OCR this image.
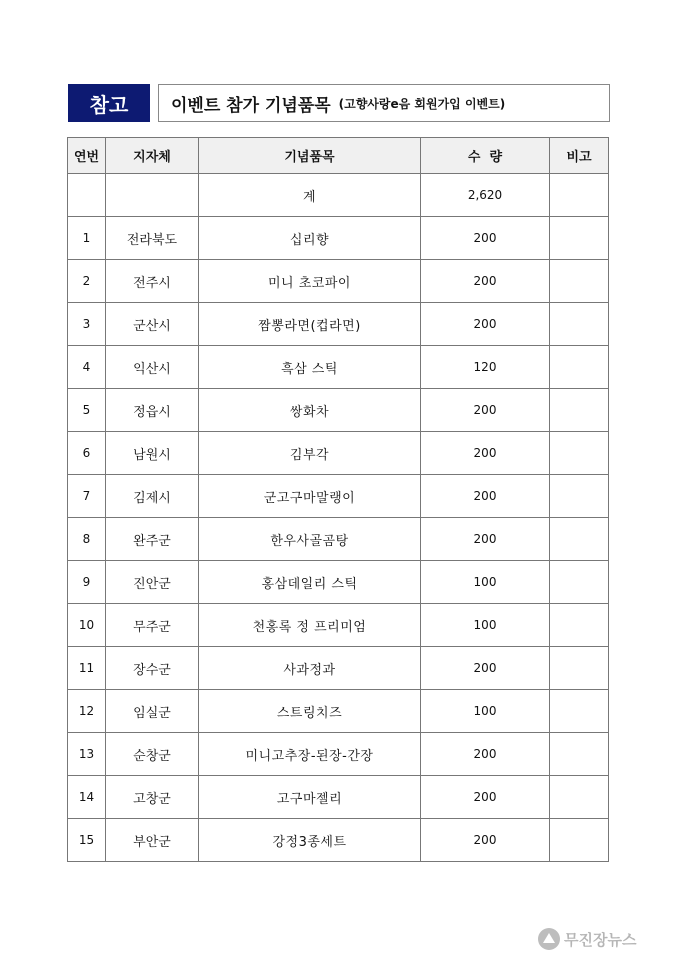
참고	이벤트 참가 기념품목 (고향사랑e음 회원가입 이벤트)
연번	지자체	기념품목	수  량	비고
		계	2,620	
1	전라북도	십리향	200	
2	전주시	미니 초코파이	200	
3	군산시	짬뽕라면(컵라면)	200	
4	익산시	흑삼 스틱	120	
5	정읍시	쌍화차	200	
6	남원시	김부각	200	
7	김제시	군고구마말랭이	200	
8	완주군	한우사골곰탕	200	
9	진안군	홍삼데일리 스틱	100	
10	무주군	천홍록 정 프리미엄	100	
11	장수군	사과정과	200	
12	임실군	스트링치즈	100	
13	순창군	미니고추장-된장-간장	200	
14	고창군	고구마젤리	200	
15	부안군	강정3종세트	200	
무진장뉴스
